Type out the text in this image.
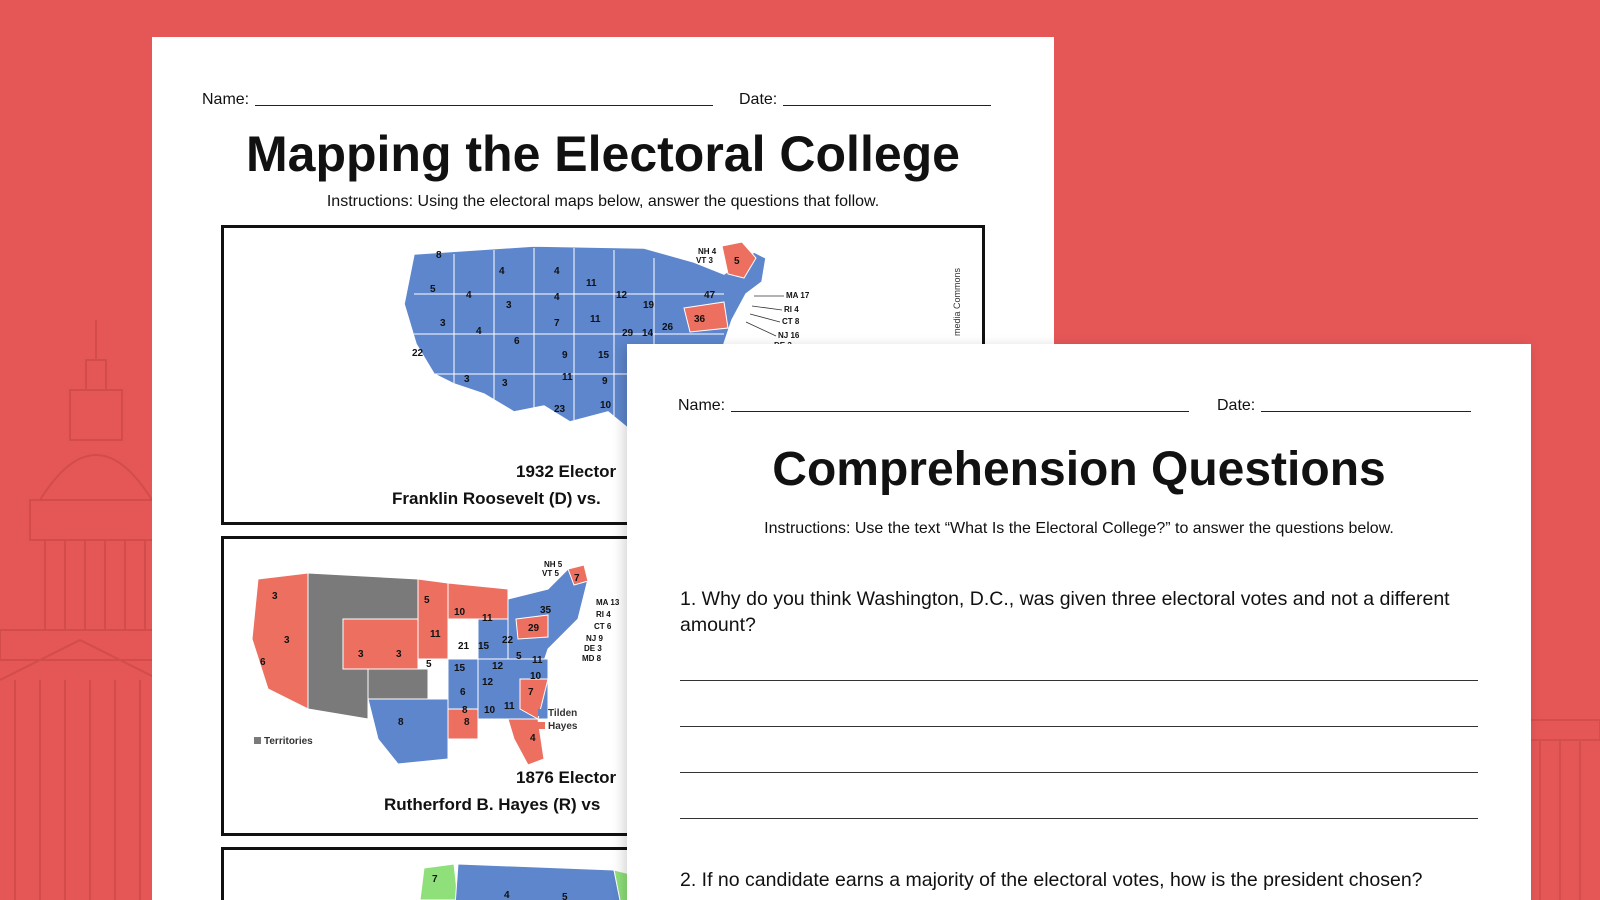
Name:	Date:
Mapping the Electoral College
Instructions: Using the electoral maps below, answer the questions that follow.
8
5
4	4
11
12
4
3
4
19
47
5
3
4
6
7	11
29 14
26
36
22
3	3
9	15
11	9
23	10
NH 4
VT 3
MA 17
RI 4
CT 8
NJ 16	media Commons
1932 Elector
Franklin Roosevelt (D) vs.
3
3
6
5
10
11
11
21 15
22
29
35
7
3	3
5 15	12
5 11
12
10
6
8
10 11
7
8
8
4
NH 5
VT 5
MA 13
RI 4
CT 6
NJ 9
DE 3
MD 8
Tilden
Hayes
Territories
1876 Elector
Rutherford B. Hayes (R) vs
7
4	5
Name:	Date:
Comprehension Questions
Instructions: Use the text “What Is the Electoral College?” to answer the questions below.
1. Why do you think Washington, D.C., was given three electoral votes and not a different amount?
2. If no candidate earns a majority of the electoral votes, how is the president chosen?
